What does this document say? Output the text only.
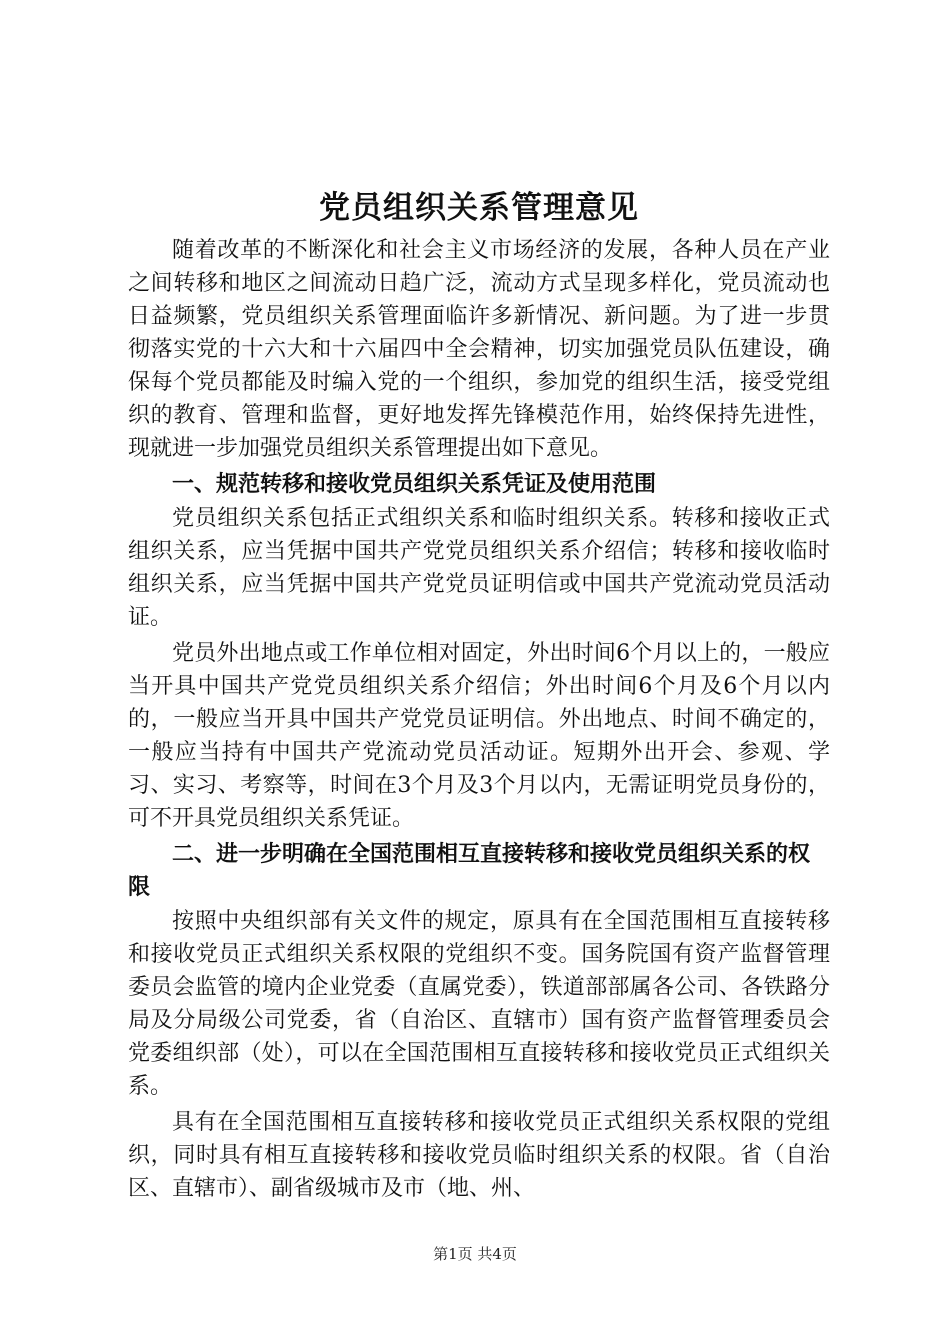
党员组织关系管理意见

随着改革的不断深化和社会主义市场经济的发展，各种人员在产业之间转移和地区之间流动日趋广泛，流动方式呈现多样化，党员流动也日益频繁，党员组织关系管理面临许多新情况、新问题。为了进一步贯彻落实党的十六大和十六届四中全会精神，切实加强党员队伍建设，确保每个党员都能及时编入党的一个组织，参加党的组织生活，接受党组织的教育、管理和监督，更好地发挥先锋模范作用，始终保持先进性，现就进一步加强党员组织关系管理提出如下意见。

一、规范转移和接收党员组织关系凭证及使用范围

党员组织关系包括正式组织关系和临时组织关系。转移和接收正式组织关系，应当凭据中国共产党党员组织关系介绍信；转移和接收临时组织关系，应当凭据中国共产党党员证明信或中国共产党流动党员活动证。

党员外出地点或工作单位相对固定，外出时间6个月以上的，一般应当开具中国共产党党员组织关系介绍信；外出时间6个月及6个月以内的，一般应当开具中国共产党党员证明信。外出地点、时间不确定的，一般应当持有中国共产党流动党员活动证。短期外出开会、参观、学习、实习、考察等，时间在3个月及3个月以内，无需证明党员身份的，可不开具党员组织关系凭证。

二、进一步明确在全国范围相互直接转移和接收党员组织关系的权限

按照中央组织部有关文件的规定，原具有在全国范围相互直接转移和接收党员正式组织关系权限的党组织不变。国务院国有资产监督管理委员会监管的境内企业党委（直属党委），铁道部部属各公司、各铁路分局及分局级公司党委，省（自治区、直辖市）国有资产监督管理委员会党委组织部（处），可以在全国范围相互直接转移和接收党员正式组织关系。

具有在全国范围相互直接转移和接收党员正式组织关系权限的党组织，同时具有相互直接转移和接收党员临时组织关系的权限。省（自治区、直辖市）、副省级城市及市（地、州、

第1页 共4页
